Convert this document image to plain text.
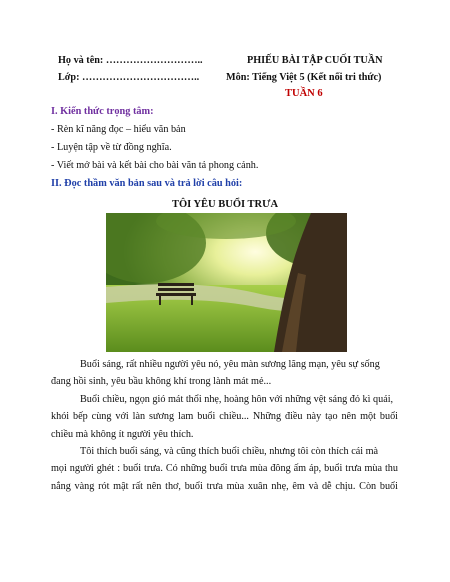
Họ và tên: ………………………..	PHIẾU BÀI TẬP CUỐI TUẦN
Lớp: ……………………………..	Môn: Tiếng Việt 5 (Kết nối tri thức)
TUẦN 6
I. Kiến thức trọng tâm:
- Rèn kĩ năng đọc – hiểu văn bản
- Luyện tập về từ đồng nghĩa.
- Viết mở bài và kết bài cho bài văn tả phong cảnh.
II. Đọc thầm văn bản sau và trả lời câu hỏi:
TÔI YÊU BUỔI TRƯA
Buổi sáng, rất nhiều người yêu nó, yêu màn sương lãng mạn, yêu sự sống
đang hồi sinh, yêu bầu không khí trong lành mát mẻ...
Buổi chiều, ngọn gió mát thổi nhẹ, hoàng hôn với những vệt sáng đỏ kì quái,
khói bếp cùng với làn sương lam buổi chiều... Những điều này tạo nên một buổi
chiều mà không ít người yêu thích.
Tôi thích buổi sáng, và cũng thích buổi chiều, nhưng tôi còn thích cái mà
mọi người ghét : buổi trưa. Có những buổi trưa mùa đông ấm áp, buổi trưa mùa thu
nắng vàng rót mật rất nên thơ, buổi trưa mùa xuân nhẹ, êm và dễ chịu. Còn buổi
